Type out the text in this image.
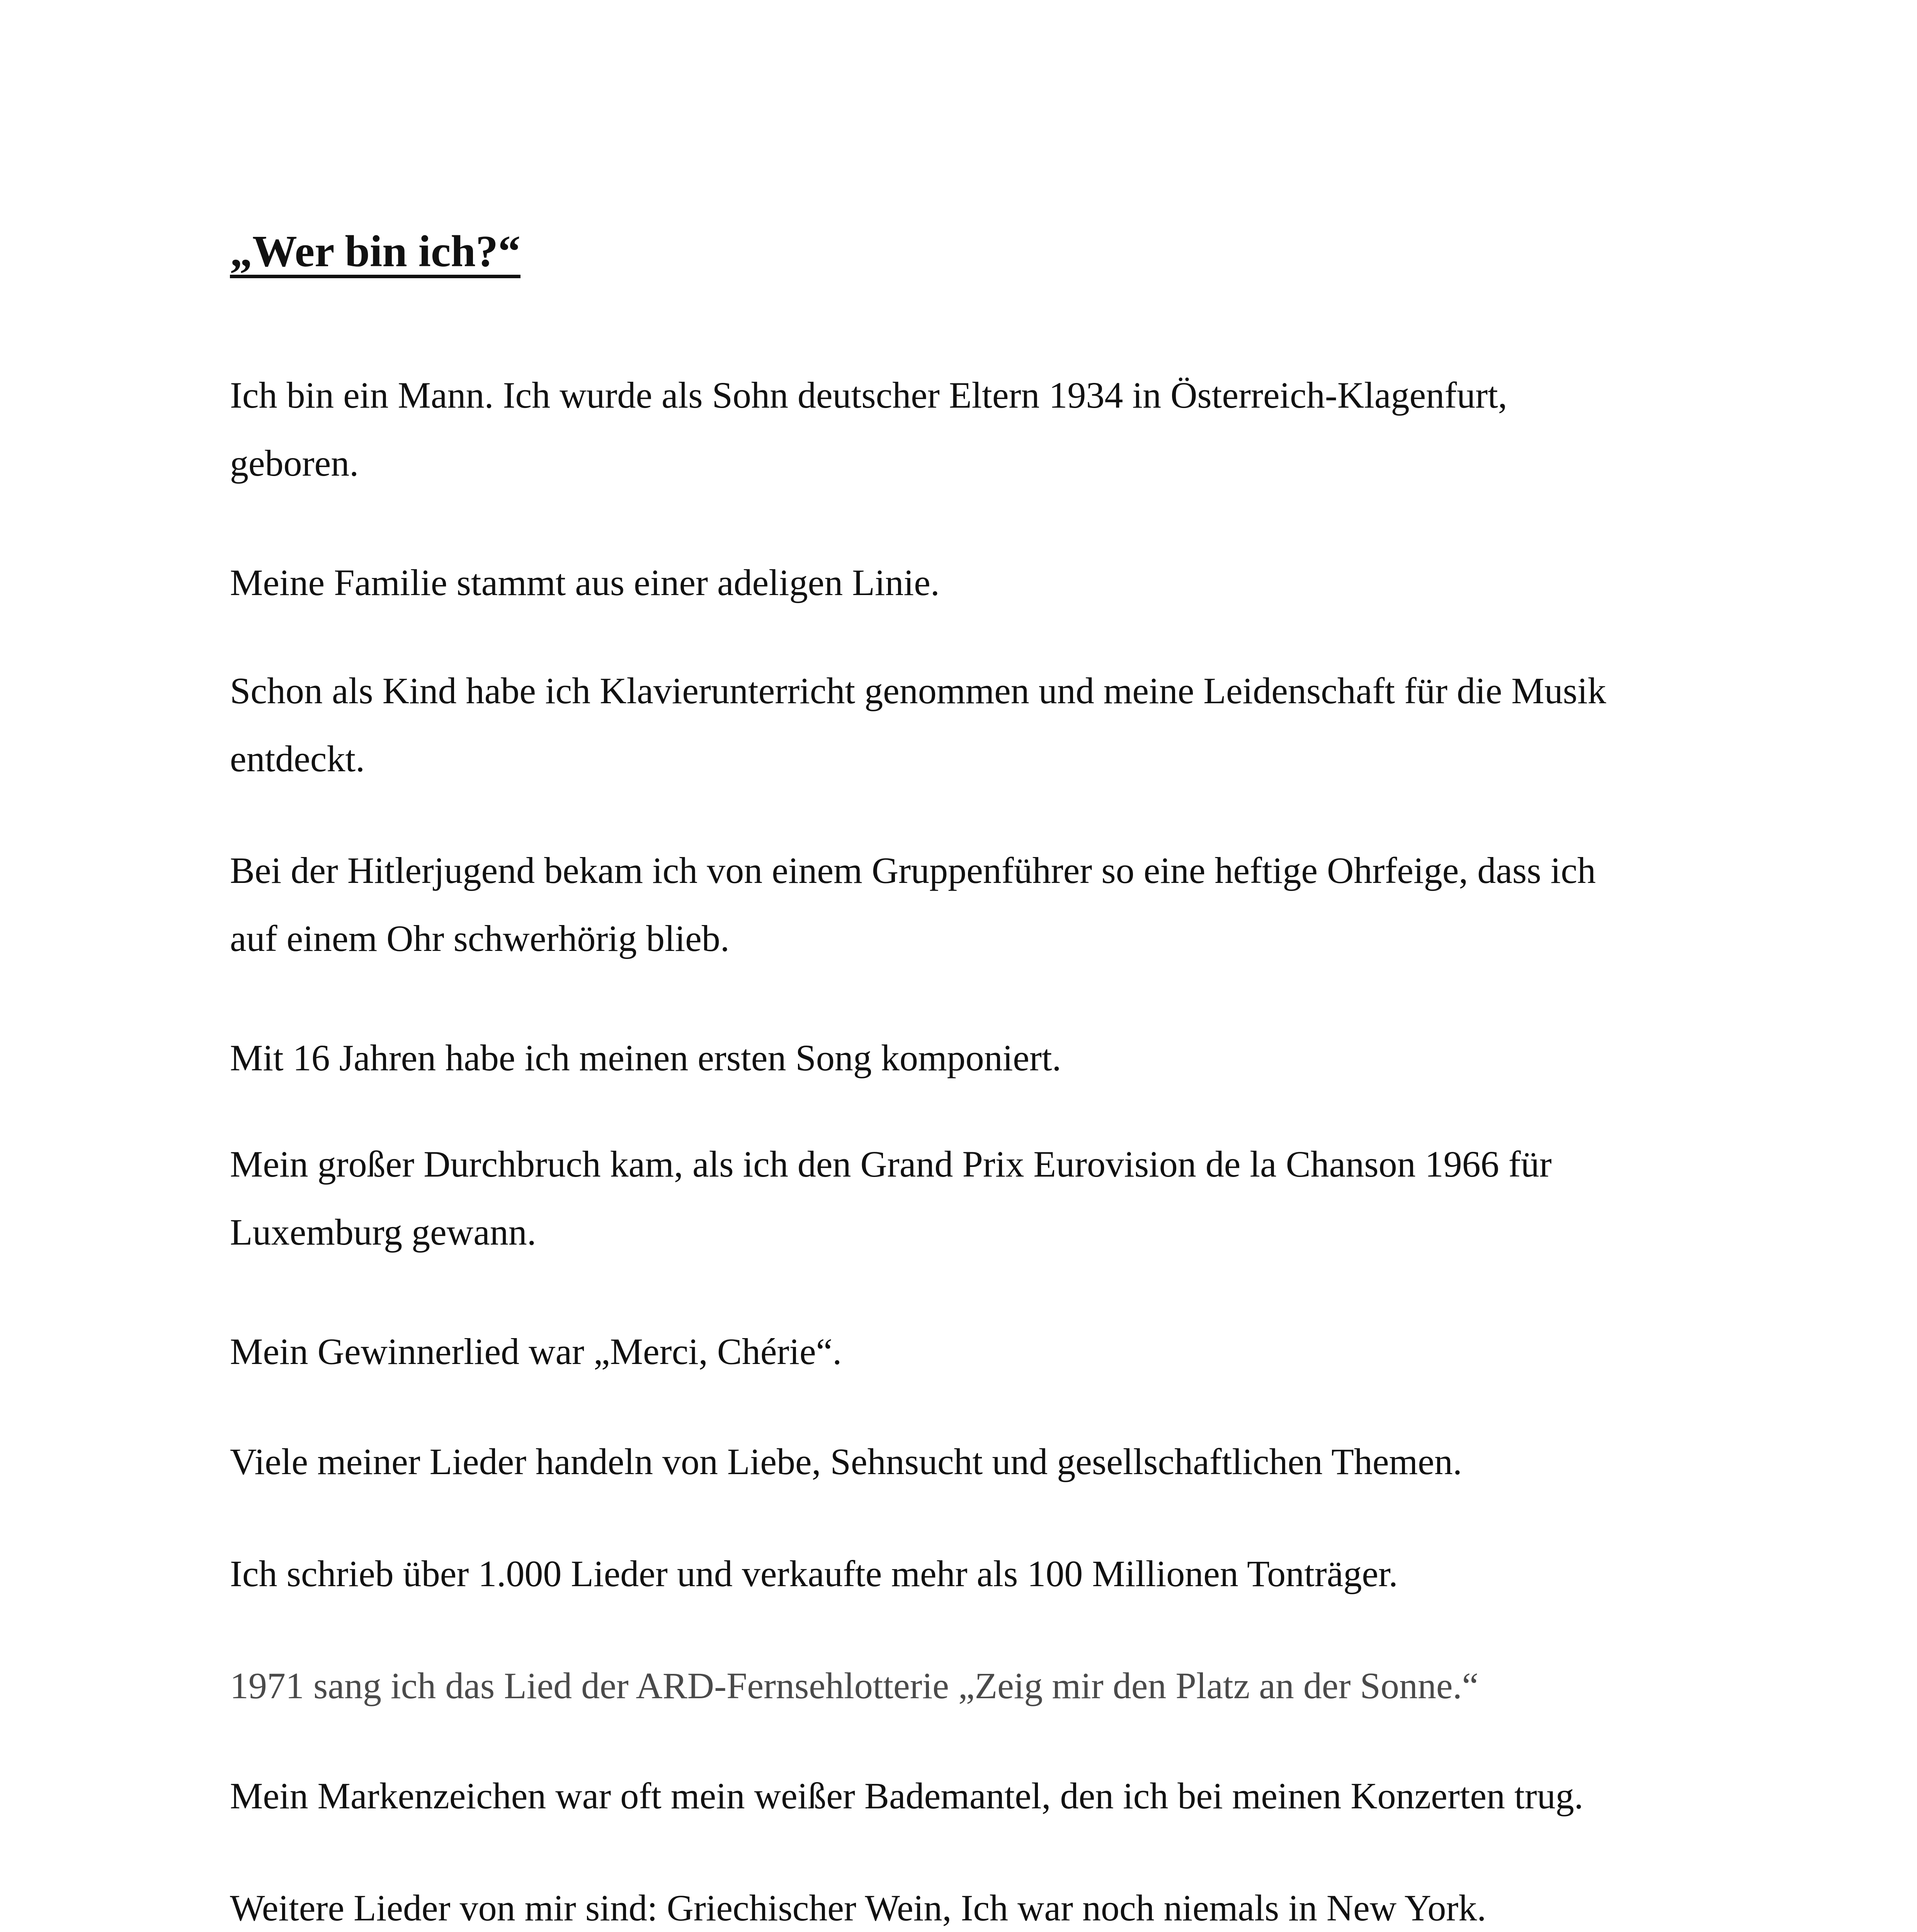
„Wer bin ich?“

Ich bin ein Mann. Ich wurde als Sohn deutscher Eltern 1934 in Österreich-Klagenfurt,
geboren.

Meine Familie stammt aus einer adeligen Linie.

Schon als Kind habe ich Klavierunterricht genommen und meine Leidenschaft für die Musik
entdeckt.

Bei der Hitlerjugend bekam ich von einem Gruppenführer so eine heftige Ohrfeige, dass ich
auf einem Ohr schwerhörig blieb.

Mit 16 Jahren habe ich meinen ersten Song komponiert.

Mein großer Durchbruch kam, als ich den Grand Prix Eurovision de la Chanson 1966 für
Luxemburg gewann.

Mein Gewinnerlied war „Merci, Chérie“.

Viele meiner Lieder handeln von Liebe, Sehnsucht und gesellschaftlichen Themen.

Ich schrieb über 1.000 Lieder und verkaufte mehr als 100 Millionen Tonträger.

1971 sang ich das Lied der ARD-Fernsehlotterie „Zeig mir den Platz an der Sonne.“

Mein Markenzeichen war oft mein weißer Bademantel, den ich bei meinen Konzerten trug.

Weitere Lieder von mir sind: Griechischer Wein, Ich war noch niemals in New York.
